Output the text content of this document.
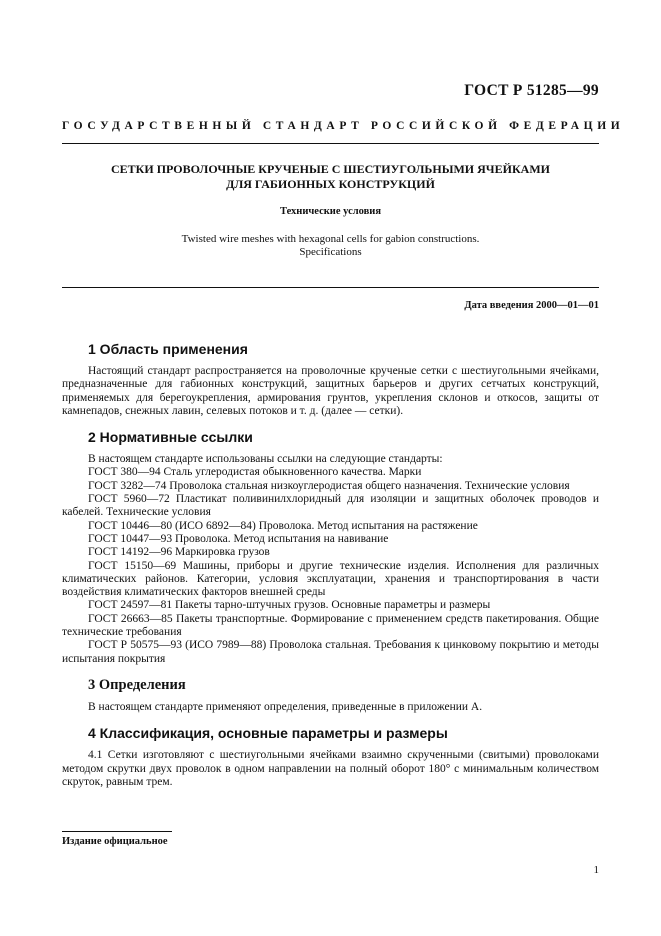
ГОСТ Р 51285—99
ГОСУДАРСТВЕННЫЙ СТАНДАРТ РОССИЙСКОЙ ФЕДЕРАЦИИ
СЕТКИ ПРОВОЛОЧНЫЕ КРУЧЕНЫЕ С ШЕСТИУГОЛЬНЫМИ ЯЧЕЙКАМИ
ДЛЯ ГАБИОННЫХ КОНСТРУКЦИЙ
Технические условия
Twisted wire meshes with hexagonal cells for gabion constructions.
Specifications
Дата введения 2000—01—01
1 Область применения

Настоящий стандарт распространяется на проволочные крученые сетки с шестиугольными ячейками, предназначенные для габионных конструкций, защитных барьеров и других сетчатых конструкций, применяемых для берегоукрепления, армирования грунтов, укрепления склонов и откосов, защиты от камнепадов, снежных лавин, селевых потоков и т. д. (далее — сетки).

2 Нормативные ссылки

В настоящем стандарте использованы ссылки на следующие стандарты:

ГОСТ 380—94 Сталь углеродистая обыкновенного качества. Марки

ГОСТ 3282—74 Проволока стальная низкоуглеродистая общего назначения. Технические условия

ГОСТ 5960—72 Пластикат поливинилхлоридный для изоляции и защитных оболочек проводов и кабелей. Технические условия

ГОСТ 10446—80 (ИСО 6892—84) Проволока. Метод испытания на растяжение

ГОСТ 10447—93 Проволока. Метод испытания на навивание

ГОСТ 14192—96 Маркировка грузов

ГОСТ 15150—69 Машины, приборы и другие технические изделия. Исполнения для различных климатических районов. Категории, условия эксплуатации, хранения и транспортирования в части воздействия климатических факторов внешней среды

ГОСТ 24597—81 Пакеты тарно-штучных грузов. Основные параметры и размеры

ГОСТ 26663—85 Пакеты транспортные. Формирование с применением средств пакетирования. Общие технические требования

ГОСТ Р 50575—93 (ИСО 7989—88) Проволока стальная. Требования к цинковому покрытию и методы испытания покрытия

3 Определения

В настоящем стандарте применяют определения, приведенные в приложении А.

4 Классификация, основные параметры и размеры

4.1 Сетки изготовляют с шестиугольными ячейками взаимно скрученными (свитыми) проволоками методом скрутки двух проволок в одном направлении на полный оборот 180° с минимальным количеством скруток, равным трем.

Издание официальное
1
